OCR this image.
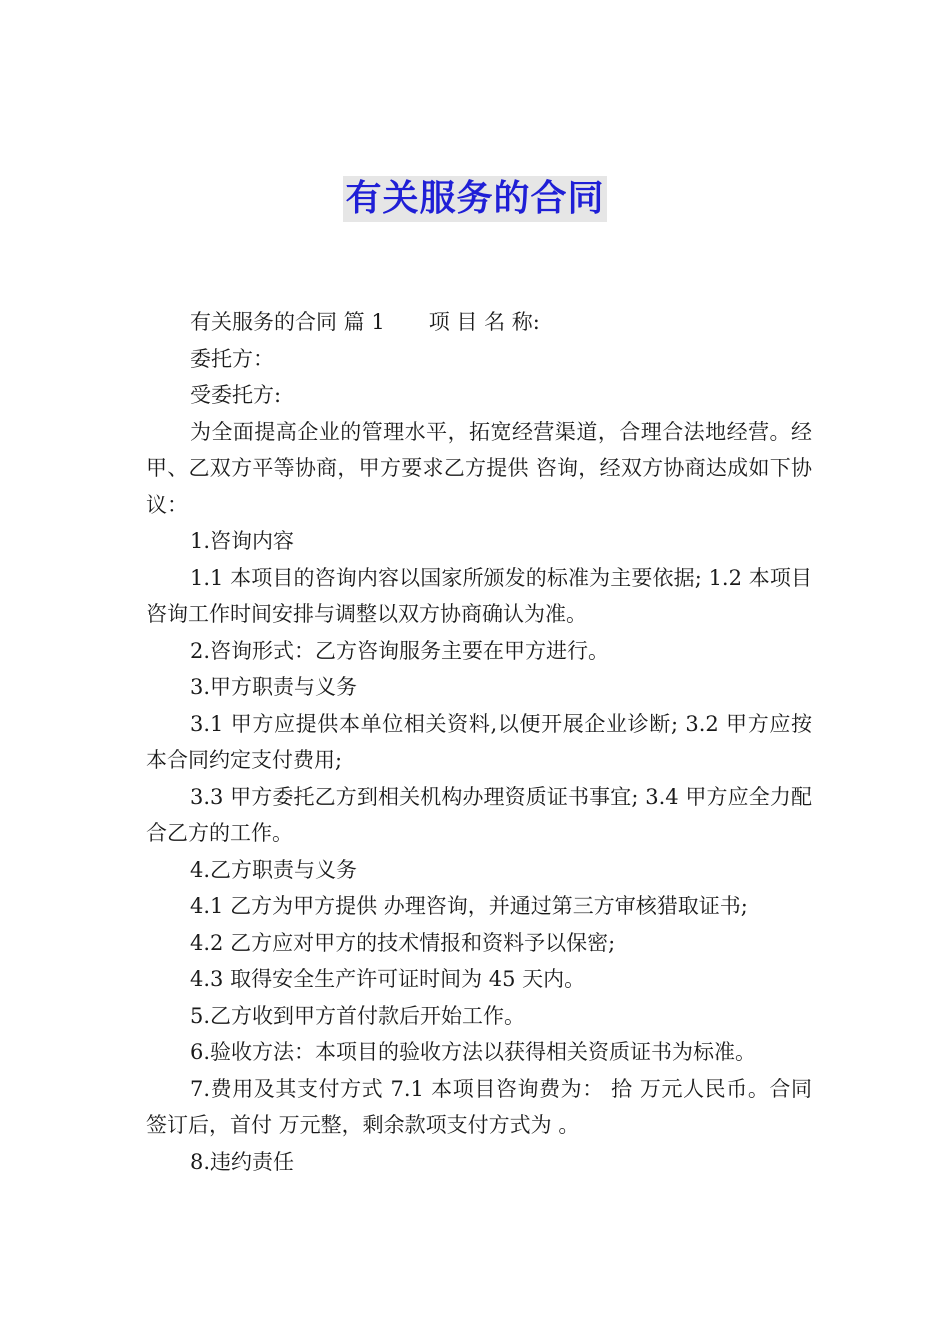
有关服务的合同

有关服务的合同 篇 1 项 目 名 称:

委托方：

受委托方:

为全面提高企业的管理水平，拓宽经营渠道，合理合法地经营。经甲、乙双方平等协商，甲方要求乙方提供 咨询，经双方协商达成如下协议：

1.咨询内容

1.1 本项目的咨询内容以国家所颁发的标准为主要依据; 1.2 本项目咨询工作时间安排与调整以双方协商确认为准。

2.咨询形式：乙方咨询服务主要在甲方进行。

3.甲方职责与义务

3.1 甲方应提供本单位相关资料,以便开展企业诊断; 3.2 甲方应按本合同约定支付费用;

3.3 甲方委托乙方到相关机构办理资质证书事宜; 3.4 甲方应全力配合乙方的工作。

4.乙方职责与义务

4.1 乙方为甲方提供 办理咨询，并通过第三方审核猎取证书;

4.2 乙方应对甲方的技术情报和资料予以保密;

4.3 取得安全生产许可证时间为 45 天内。

5.乙方收到甲方首付款后开始工作。

6.验收方法：本项目的验收方法以获得相关资质证书为标准。

7.费用及其支付方式 7.1 本项目咨询费为： 拾 万元人民币。合同签订后，首付 万元整，剩余款项支付方式为 。

8.违约责任
